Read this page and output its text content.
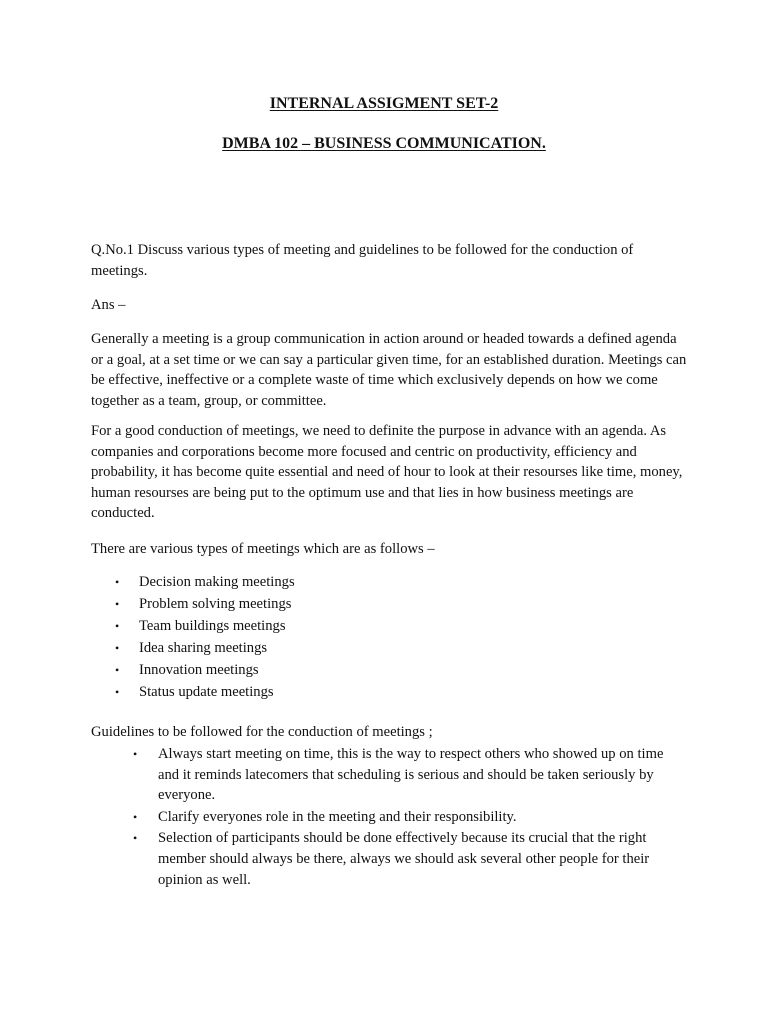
INTERNAL ASSIGMENT SET-2
DMBA 102 – BUSINESS COMMUNICATION.

Q.No.1 Discuss various types of meeting and guidelines to be followed for the conduction of meetings.

Ans –

Generally a meeting is a group communication in action around or headed towards a defined agenda or a goal, at a set time or we can say a particular given time, for an established duration. Meetings can be effective, ineffective or a complete waste of time which exclusively depends on how we come together as a team, group, or committee.

For a good conduction of meetings, we need to definite the purpose in advance with an agenda. As companies and corporations become more focused and centric on productivity, efficiency and probability, it has become quite essential and need of hour to look at their resourses like time, money, human resourses are being put to the optimum use and that lies in how business meetings are conducted.

There are various types of meetings which are as follows –

• Decision making meetings
• Problem solving meetings
• Team buildings meetings
• Idea sharing meetings
• Innovation meetings
• Status update meetings

Guidelines to be followed for the conduction of meetings ;

• Always start meeting on time, this is the way to respect others who showed up on time and it reminds latecomers that scheduling is serious and should be taken seriously by everyone.
• Clarify everyones role in the meeting and their responsibility.
• Selection of participants should be done effectively because its crucial that the right member should always be there, always we should ask several other people for their opinion as well.
